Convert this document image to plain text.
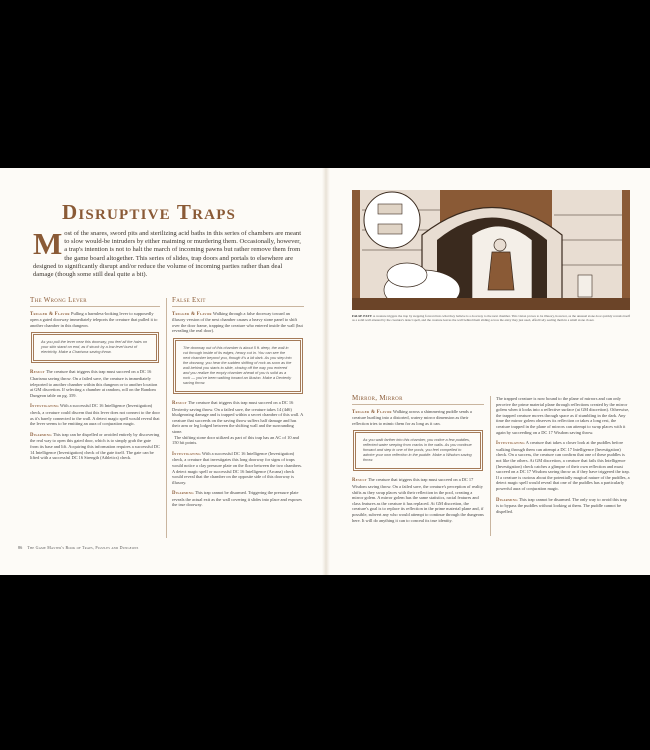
Disruptive Traps
Most of the snares, sword pits and sterilizing acid baths in this series of chambers are meant to slow would-be intruders by either maiming or murdering them. Occasionally, however, a trap's intention is not to halt the march of incoming pawns but rather remove them from the game board altogether. This series of slides, trap doors and portals to elsewhere are designed to significantly disrupt and/or reduce the volume of incoming parties rather than deal damage (though some still deal quite a bit).
The Wrong Lever

Trigger & Flavor Pulling a harmless-looking lever to supposedly open a gated doorway immediately teleports the creature that pulled it to another chamber in this dungeon.

As you pull the lever near this doorway, you feel all the hairs on your skin stand on end, as if struck by a low level burst of electricity. Make a Charisma saving throw.

Result The creature that triggers this trap must succeed on a DC 16 Charisma saving throw. On a failed save, the creature is immediately teleported to another chamber within this dungeon or to another location at GM discretion. If selecting a chamber at random, roll on the Random Dungeon table on pg. 359.

Investigating With a successful DC 16 Intelligence (Investigation) check, a creature could discern that this lever does not connect to the door as it's barely connected to the wall. A detect magic spell would reveal that the lever seems to be emitting an aura of conjuration magic.

Disarming This trap can be dispelled or avoided entirely by discovering the real way to open this gated door, which is to simply grab the gate from its base and lift. Acquiring this information requires a successful DC 14 Intelligence (Investigation) check of the gate itself. The gate can be lifted with a successful DC 16 Strength (Athletics) check.

False Exit

Trigger & Flavor Walking through a false doorway toward an illusory version of the next chamber causes a heavy stone panel to shift over the door frame, trapping the creature who entered inside the wall (but revealing the real door).

The doorway out of this chamber is about 5 ft. deep, the wall in cut through inside of its edges, heavy cut in. You can see the next chamber beyond you, though it's a bit dark. As you step into the doorway, you hear the sudden shifting of rock as soon as the wall behind you starts to slide, closing off the way you entered and you realize the empty chamber ahead of you is solid as a rock — you've been walking toward an illusion. Make a Dexterity saving throw.

Result The creature that triggers this trap must succeed on a DC 16 Dexterity saving throw. On a failed save, the creature takes 14 (4d6) bludgeoning damage and is trapped within a secret chamber of this wall. A creature that succeeds on the saving throw suffers half damage and has their arm or leg lodged between the shifting wall and the surrounding stone.
The shifting stone door utilized as part of this trap has an AC of 10 and 150 hit points.

Investigating With a successful DC 16 Intelligence (Investigation) check, a creature that investigates this long doorway for signs of traps would notice a clay pressure plate on the floor between the two chambers. A detect magic spell or successful DC 16 Intelligence (Arcana) check would reveal that the chamber on the opposite side of this doorway is illusory.

Disarming This trap cannot be disarmed. Triggering the pressure plate reveals the actual exit as the wall covering it slides into place and exposes the true doorway.

FALSE EXIT: A creature triggers the trap by stepping forward into what they believe is a doorway to the next chamber. This vision proves to be illusory, however, as the unusual stone door quickly reveals itself as a solid wall attested by the creature's detect spell, and the creature leaves the wall behind them sliding across the entry they just used, effectively sealing them in a small stone closet.
Mirror, Mirror

Trigger & Flavor Walking across a shimmering puddle sends a creature hurtling into a distorted, watery mirror dimension as their reflection tries to mimic them for as long as it can.

As you walk farther into this chamber, you notice a few puddles, reflected water seeping from cracks in the walls. As you continue forward and step in one of the pools, you feel compelled to admire your own reflection in the puddle. Make a Wisdom saving throw.

Result The creature that triggers this trap must succeed on a DC 17 Wisdom saving throw. On a failed save, the creature's perception of reality shifts as they swap places with their reflection in the pool, creating a mirror golem. A mirror golem has the same statistics, racial features and class features as the creature it has replaced. At GM discretion, the creature's goal is to replace its reflection in the prime material plane and, if possible, subvert any who would attempt to continue through the dungeons here. It will do anything it can to conceal its true identity.

The trapped creature is now bound to the plane of mirrors and can only perceive the prime material plane through reflections created by the mirror golem when it looks into a reflective surface (at GM discretion). Otherwise, the trapped creature moves through space as if stumbling in the dark. Any time the mirror golem observes its reflection or takes a long rest, the creature trapped in the plane of mirrors can attempt to swap places with it again by succeeding on a DC 17 Wisdom saving throw.

Investigating A creature that takes a closer look at the puddles before walking through them can attempt a DC 17 Intelligence (Investigation) check. On a success, the creature can confirm that one of these puddles is not like the others. At GM discretion, a creature that fails this Intelligence (Investigation) check catches a glimpse of their own reflection and must succeed on a DC 17 Wisdom saving throw as if they have triggered the trap. If a creature is curious about the potentially magical nature of the puddles, a detect magic spell would reveal that one of the puddles has a particularly powerful aura of conjuration magic.

Disarming This trap cannot be disarmed. The only way to avoid this trap is to bypass the puddles without looking at them. The puddle cannot be dispelled.

86 The Game Master's Book of Traps, Puzzles and Dungeons
